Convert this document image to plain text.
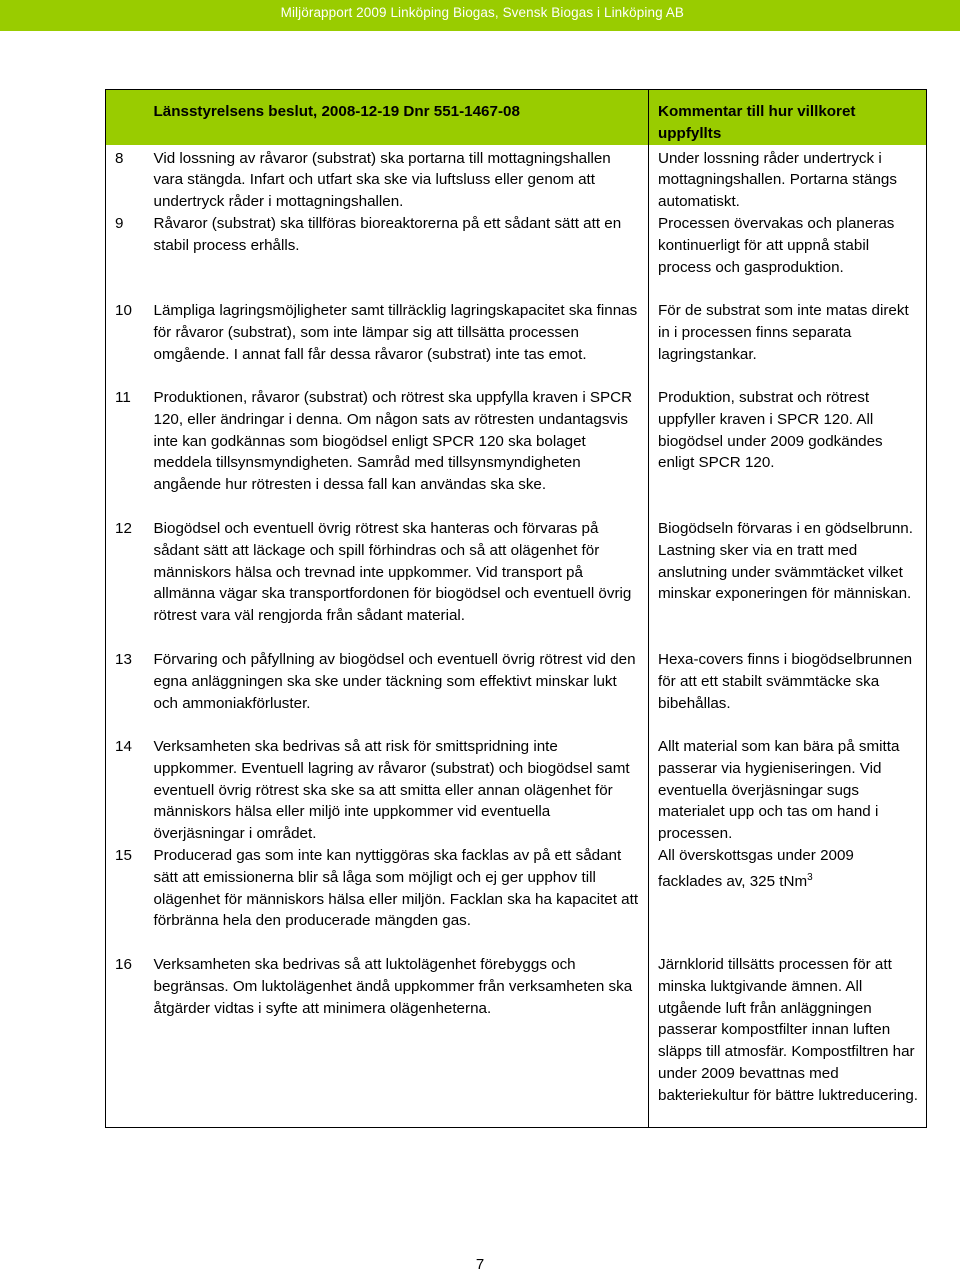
Miljörapport 2009 Linköping Biogas, Svensk Biogas i Linköping AB
	Länsstyrelsens beslut, 2008-12-19 Dnr 551-1467-08	Kommentar till hur villkoret uppfyllts
8	Vid lossning av råvaror (substrat) ska portarna till mottagningshallen vara stängda. Infart och utfart ska ske via luftsluss eller genom att undertryck råder i mottagningshallen.	Under lossning råder undertryck i mottagningshallen. Portarna stängs automatiskt.
9	Råvaror (substrat) ska tillföras bioreaktorerna på ett sådant sätt att en stabil process erhålls.	Processen övervakas och planeras kontinuerligt för att uppnå stabil process och gasproduktion.
10	Lämpliga lagringsmöjligheter samt tillräcklig lagringskapacitet ska finnas för råvaror (substrat), som inte lämpar sig att tillsätta processen omgående. I annat fall får dessa råvaror (substrat) inte tas emot.	För de substrat som inte matas direkt in i processen finns separata lagringstankar.
11	Produktionen, råvaror (substrat) och rötrest ska uppfylla kraven i SPCR 120, eller ändringar i denna. Om någon sats av rötresten undantagsvis inte kan godkännas som biogödsel enligt SPCR 120 ska bolaget meddela tillsynsmyndigheten. Samråd med tillsynsmyndigheten angående hur rötresten i dessa fall kan användas ska ske.	Produktion, substrat och rötrest uppfyller kraven i SPCR 120. All biogödsel under 2009 godkändes enligt SPCR 120.
12	Biogödsel och eventuell övrig rötrest ska hanteras och förvaras på sådant sätt att läckage och spill förhindras och så att olägenhet för människors hälsa och trevnad inte uppkommer. Vid transport på allmänna vägar ska transportfordonen för biogödsel och eventuell övrig rötrest vara väl rengjorda från sådant material.	Biogödseln förvaras i en gödselbrunn. Lastning sker via en tratt med anslutning under svämmtäcket vilket minskar exponeringen för människan.
13	Förvaring och påfyllning av biogödsel och eventuell övrig rötrest vid den egna anläggningen ska ske under täckning som effektivt minskar lukt och ammoniakförluster.	Hexa-covers finns i biogödselbrunnen för att ett stabilt svämmtäcke ska bibehållas.
14	Verksamheten ska bedrivas så att risk för smittspridning inte uppkommer. Eventuell lagring av råvaror (substrat) och biogödsel samt eventuell övrig rötrest ska ske sa att smitta eller annan olägenhet för människors hälsa eller miljö inte uppkommer vid eventuella överjäsningar i området.	Allt material som kan bära på smitta passerar via hygieniseringen. Vid eventuella överjäsningar sugs materialet upp och tas om hand i processen.
15	Producerad gas som inte kan nyttiggöras ska facklas av på ett sådant sätt att emissionerna blir så låga som möjligt och ej ger upphov till olägenhet för människors hälsa eller miljön. Facklan ska ha kapacitet att förbränna hela den producerade mängden gas.	All överskottsgas under 2009 facklades av, 325 tNm$^3$
16	Verksamheten ska bedrivas så att luktolägenhet förebyggs och begränsas. Om luktolägenhet ändå uppkommer från verksamheten ska åtgärder vidtas i syfte att minimera olägenheterna.	Järnklorid tillsätts processen för att minska luktgivande ämnen. All utgående luft från anläggningen passerar kompostfilter innan luften släpps till atmosfär. Kompostfiltren har under 2009 bevattnas med bakteriekultur för bättre luktreducering.
7
